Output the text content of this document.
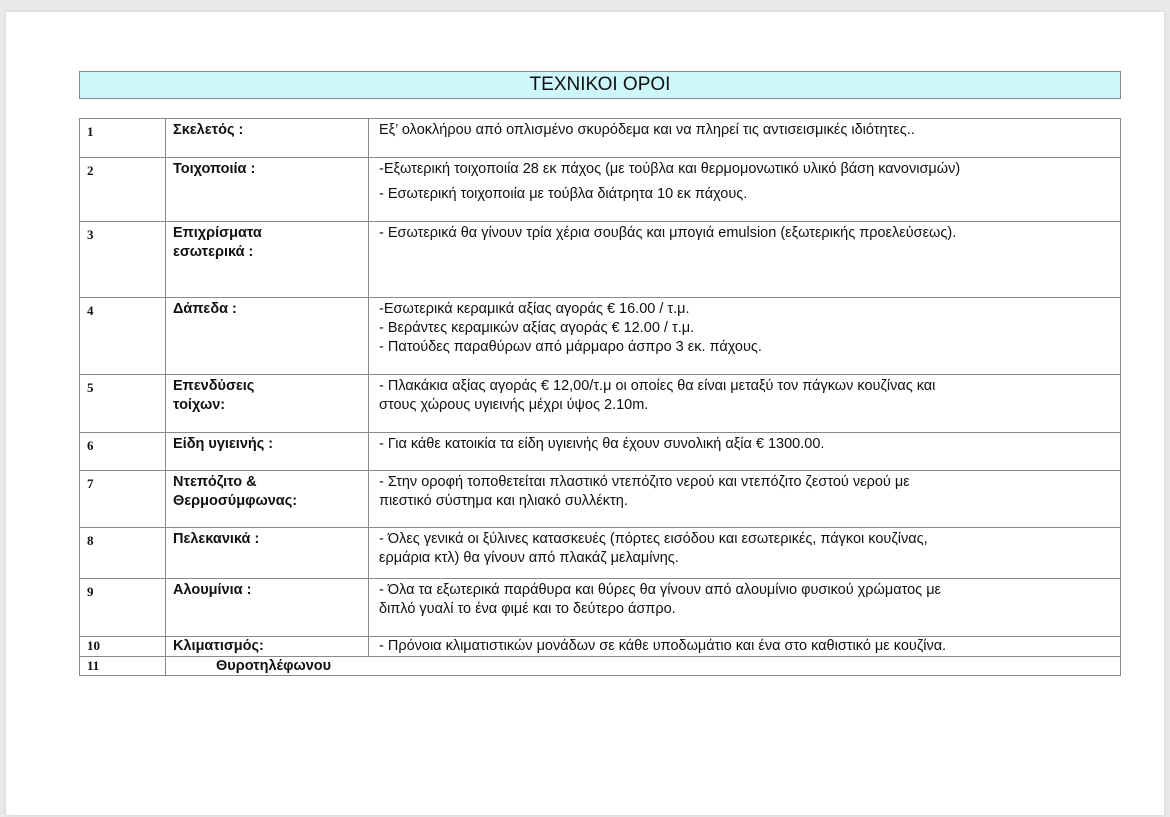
ΤΕΧΝΙΚΟΙ ΟΡΟΙ
1	Σκελετός :	Εξ’ ολοκλήρου από οπλισμένο σκυρόδεμα και να πληρεί τις αντισεισμικές ιδιότητες..

2	Τοιχοποιία :	-Εξωτερική τοιχοποιία 28 εκ πάχος (με τούβλα και θερμομονωτικό υλικό βάση κανονισμών)
- Εσωτερική τοιχοποιία με τούβλα διάτρητα 10 εκ πάχους.

3	Επιχρίσματα
εσωτερικά :	- Εσωτερικά θα γίνουν τρία χέρια σουβάς και μπογιά emulsion (εξωτερικής προελεύσεως).

4	Δάπεδα :	-Εσωτερικά κεραμικά αξίας αγοράς € 16.00 / τ.μ.
- Βεράντες κεραμικών αξίας αγοράς € 12.00 / τ.μ.
- Πατούδες παραθύρων από μάρμαρο άσπρο 3 εκ. πάχους.

5	Επενδύσεις
τοίχων:	- Πλακάκια αξίας αγοράς € 12,00/τ.μ οι οποίες θα είναι μεταξύ τον πάγκων κουζίνας και
στους χώρους υγιεινής μέχρι ύψος 2.10m.

6	Είδη υγιεινής :	- Για κάθε κατοικία τα είδη υγιεινής θα έχουν συνολική αξία € 1300.00.

7	Ντεπόζιτο &
Θερμοσύμφωνας:	- Στην οροφή τοποθετείται πλαστικό ντεπόζιτο νερού και ντεπόζιτο ζεστού νερού με
πιεστικό σύστημα και ηλιακό συλλέκτη.

8	Πελεκανικά :	- Όλες γενικά οι ξύλινες κατασκευές (πόρτες εισόδου και εσωτερικές, πάγκοι κουζίνας,
ερμάρια κτλ) θα γίνουν από πλακάζ μελαμίνης.

9	Αλουμίνια :	- Όλα τα εξωτερικά παράθυρα και θύρες θα γίνουν από αλουμίνιο φυσικού χρώματος με
διπλό γυαλί το ένα φιμέ και το δεύτερο άσπρο.

10	Κλιματισμός:	- Πρόνοια κλιματιστικών μονάδων σε κάθε υποδωμάτιο και ένα στο καθιστικό με κουζίνα.

11	Θυροτηλέφωνου	
